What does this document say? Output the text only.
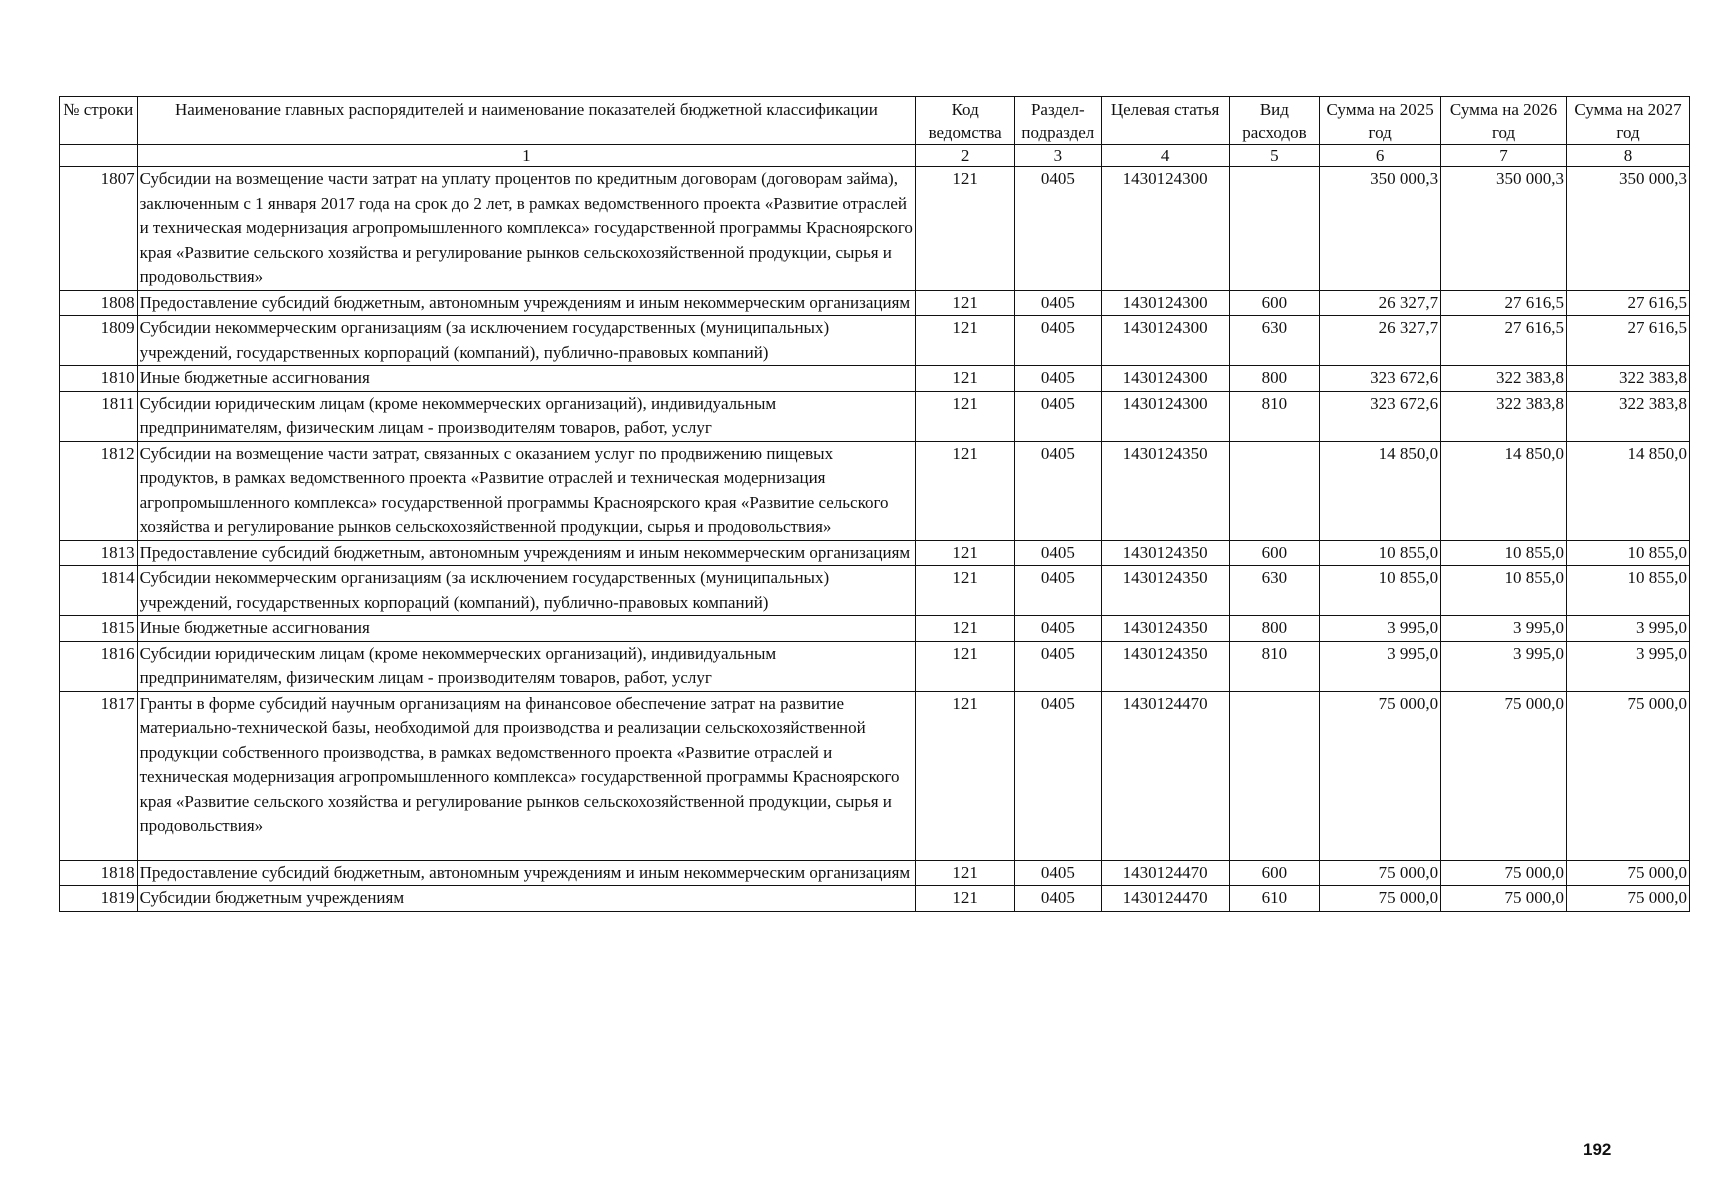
№ строки	Наименование главных распорядителей и наименование показателей бюджетной классификации	Код ведомства	Раздел-подраздел	Целевая статья	Вид расходов	Сумма на 2025 год	Сумма на 2026 год	Сумма на 2027 год
	1	2	3	4	5	6	7	8
1807	Субсидии на возмещение части затрат на уплату процентов по кредитным договорам (договорам займа), заключенным с 1 января 2017 года на срок до 2 лет, в рамках ведомственного проекта «Развитие отраслей и техническая модернизация агропромышленного комплекса» государственной программы Красноярского края «Развитие сельского хозяйства и регулирование рынков сельскохозяйственной продукции, сырья и продовольствия»	121	0405	1430124300		350 000,3	350 000,3	350 000,3
1808	Предоставление субсидий бюджетным, автономным учреждениям и иным некоммерческим организациям	121	0405	1430124300	600	26 327,7	27 616,5	27 616,5
1809	Субсидии некоммерческим организациям (за исключением государственных (муниципальных) учреждений, государственных корпораций (компаний), публично-правовых компаний)	121	0405	1430124300	630	26 327,7	27 616,5	27 616,5
1810	Иные бюджетные ассигнования	121	0405	1430124300	800	323 672,6	322 383,8	322 383,8
1811	Субсидии юридическим лицам (кроме некоммерческих организаций), индивидуальным предпринимателям, физическим лицам - производителям товаров, работ, услуг	121	0405	1430124300	810	323 672,6	322 383,8	322 383,8
1812	Субсидии на возмещение части затрат, связанных с оказанием услуг по продвижению пищевых продуктов, в рамках ведомственного проекта «Развитие отраслей и техническая модернизация агропромышленного комплекса» государственной программы Красноярского края «Развитие сельского хозяйства и регулирование рынков сельскохозяйственной продукции, сырья и продовольствия»	121	0405	1430124350		14 850,0	14 850,0	14 850,0
1813	Предоставление субсидий бюджетным, автономным учреждениям и иным некоммерческим организациям	121	0405	1430124350	600	10 855,0	10 855,0	10 855,0
1814	Субсидии некоммерческим организациям (за исключением государственных (муниципальных) учреждений, государственных корпораций (компаний), публично-правовых компаний)	121	0405	1430124350	630	10 855,0	10 855,0	10 855,0
1815	Иные бюджетные ассигнования	121	0405	1430124350	800	3 995,0	3 995,0	3 995,0
1816	Субсидии юридическим лицам (кроме некоммерческих организаций), индивидуальным предпринимателям, физическим лицам - производителям товаров, работ, услуг	121	0405	1430124350	810	3 995,0	3 995,0	3 995,0
1817	Гранты в форме субсидий научным организациям на финансовое обеспечение затрат на развитие материально-технической базы, необходимой для производства и реализации сельскохозяйственной продукции собственного производства, в рамках ведомственного проекта «Развитие отраслей и техническая модернизация агропромышленного комплекса» государственной программы Красноярского края «Развитие сельского хозяйства и регулирование рынков сельскохозяйственной продукции, сырья и продовольствия»	121	0405	1430124470		75 000,0	75 000,0	75 000,0
1818	Предоставление субсидий бюджетным, автономным учреждениям и иным некоммерческим организациям	121	0405	1430124470	600	75 000,0	75 000,0	75 000,0
1819	Субсидии бюджетным учреждениям	121	0405	1430124470	610	75 000,0	75 000,0	75 000,0
192
